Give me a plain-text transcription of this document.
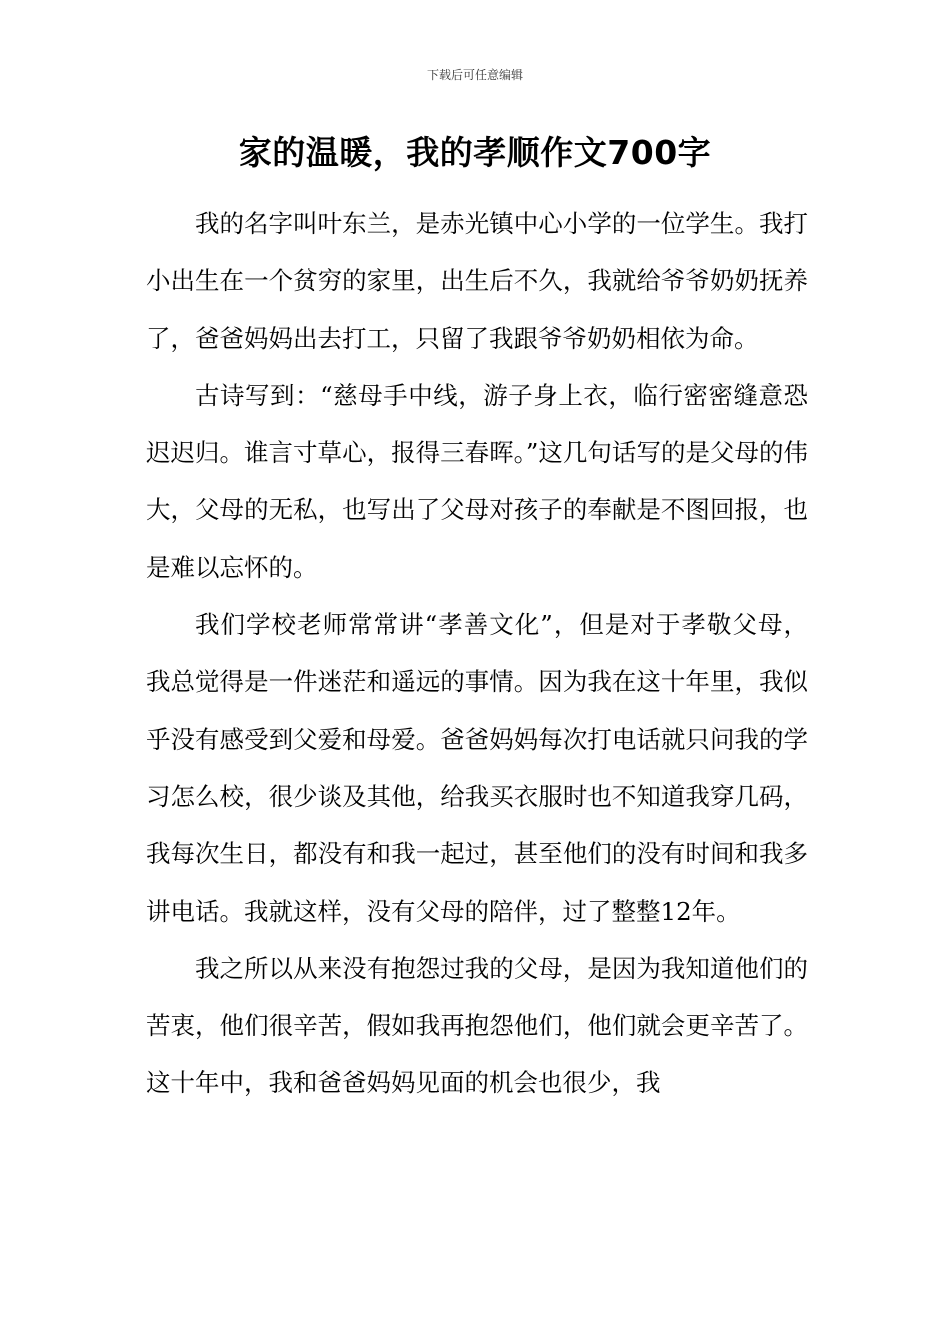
下载后可任意编辑
家的温暖，我的孝顺作文700字

我的名字叫叶东兰，是赤光镇中心小学的一位学生。我打小出生在一个贫穷的家里，出生后不久，我就给爷爷奶奶抚养了，爸爸妈妈出去打工，只留了我跟爷爷奶奶相依为命。

古诗写到：“慈母手中线，游子身上衣，临行密密缝意恐迟迟归。谁言寸草心，报得三春晖。”这几句话写的是父母的伟大，父母的无私，也写出了父母对孩子的奉献是不图回报，也是难以忘怀的。

我们学校老师常常讲“孝善文化”，但是对于孝敬父母，我总觉得是一件迷茫和遥远的事情。因为我在这十年里，我似乎没有感受到父爱和母爱。爸爸妈妈每次打电话就只问我的学习怎么校，很少谈及其他，给我买衣服时也不知道我穿几码，我每次生日，都没有和我一起过，甚至他们的没有时间和我多讲电话。我就这样，没有父母的陪伴，过了整整12年。

我之所以从来没有抱怨过我的父母，是因为我知道他们的苦衷，他们很辛苦，假如我再抱怨他们，他们就会更辛苦了。这十年中，我和爸爸妈妈见面的机会也很少，我
